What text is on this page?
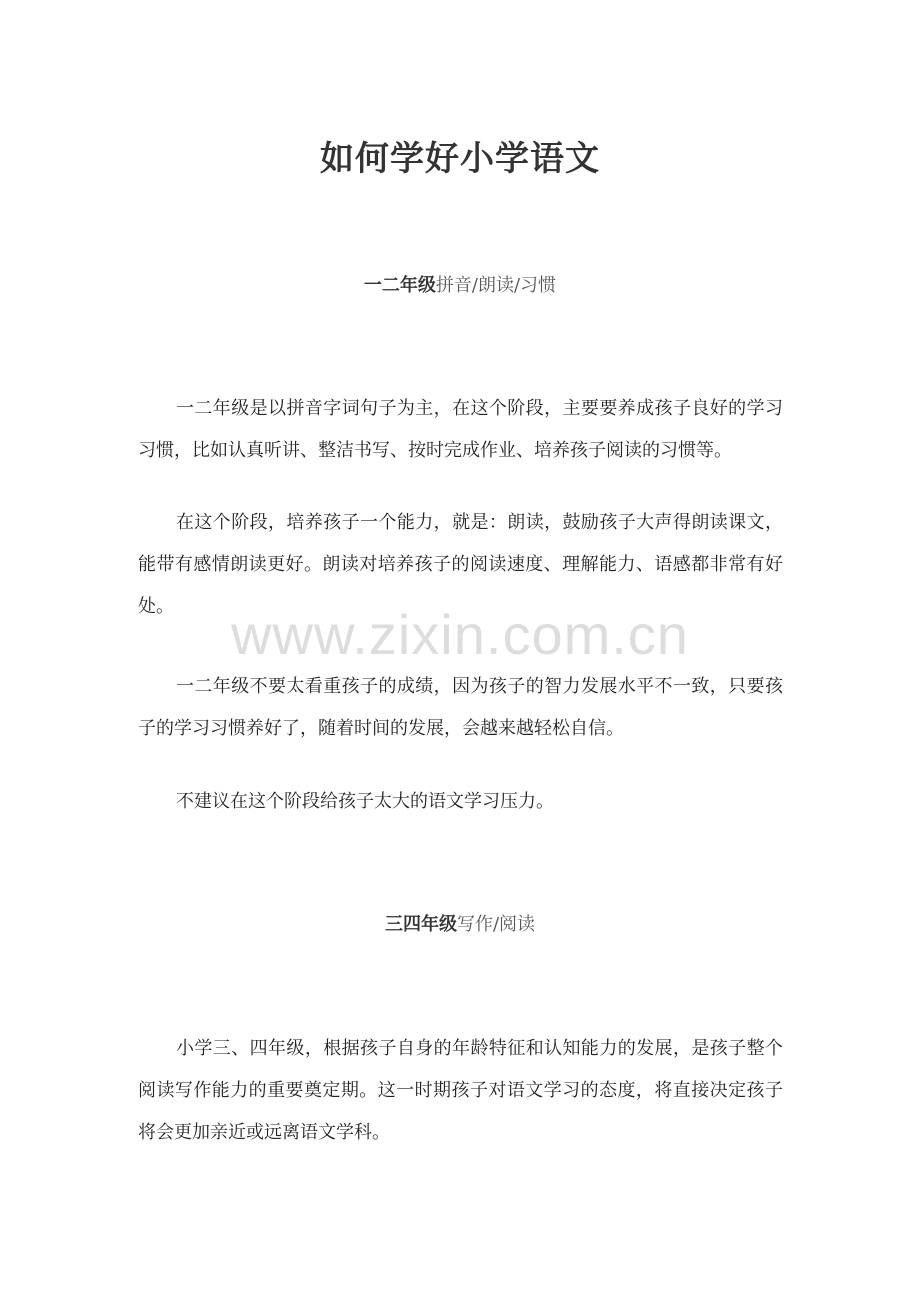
如何学好小学语文
一二年级拼音/朗读/习惯

一二年级是以拼音字词句子为主，在这个阶段，主要要养成孩子良好的学习习惯，比如认真听讲、整洁书写、按时完成作业、培养孩子阅读的习惯等。

在这个阶段，培养孩子一个能力，就是：朗读，鼓励孩子大声得朗读课文，能带有感情朗读更好。朗读对培养孩子的阅读速度、理解能力、语感都非常有好处。

一二年级不要太看重孩子的成绩，因为孩子的智力发展水平不一致，只要孩子的学习习惯养好了，随着时间的发展，会越来越轻松自信。

不建议在这个阶段给孩子太大的语文学习压力。

三四年级写作/阅读

小学三、四年级，根据孩子自身的年龄特征和认知能力的发展，是孩子整个阅读写作能力的重要奠定期。这一时期孩子对语文学习的态度，将直接决定孩子将会更加亲近或远离语文学科。

www.zixin.com.cn
